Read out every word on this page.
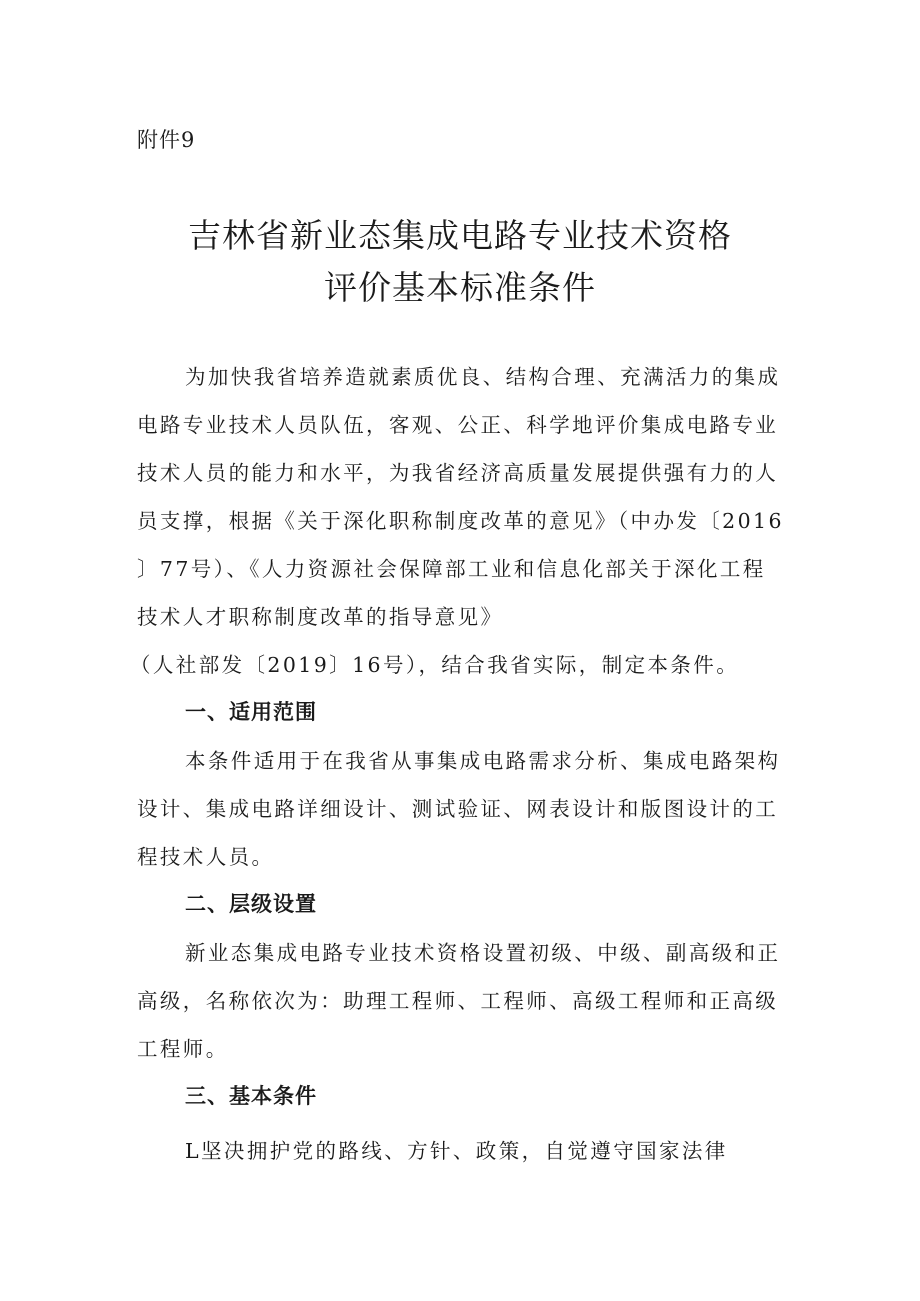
附件9
吉林省新业态集成电路专业技术资格
评价基本标准条件
为加快我省培养造就素质优良、结构合理、充满活力的集成
电路专业技术人员队伍，客观、公正、科学地评价集成电路专业
技术人员的能力和水平，为我省经济高质量发展提供强有力的人
员支撑，根据《关于深化职称制度改革的意见》（中办发〔2016
〕77号）、《人力资源社会保障部工业和信息化部关于深化工程
技术人才职称制度改革的指导意见》
（人社部发〔2019〕16号），结合我省实际，制定本条件。
一、适用范围
本条件适用于在我省从事集成电路需求分析、集成电路架构
设计、集成电路详细设计、测试验证、网表设计和版图设计的工
程技术人员。
二、层级设置
新业态集成电路专业技术资格设置初级、中级、副高级和正
高级，名称依次为：助理工程师、工程师、高级工程师和正高级
工程师。
三、基本条件
L坚决拥护党的路线、方针、政策，自觉遵守国家法律
